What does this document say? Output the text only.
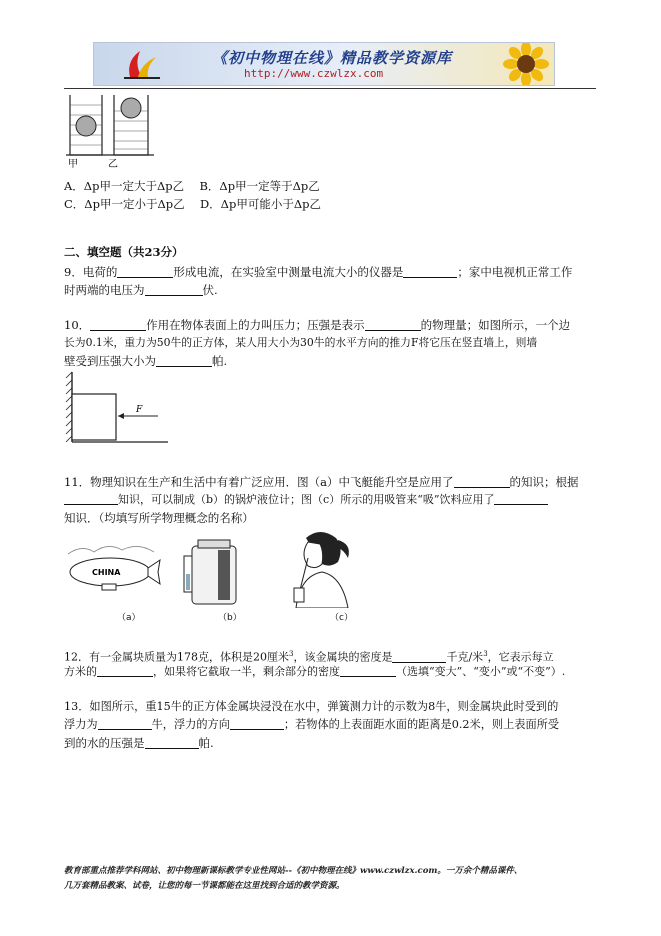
《初中物理在线》精品教学资源库
http://www.czwlzx.com
甲	乙
A．Δp甲一定大于Δp乙 B．Δp甲一定等于Δp乙
C．Δp甲一定小于Δp乙 D．Δp甲可能小于Δp乙
二、填空题（共23分）
9．电荷的	形成电流，在实验室中测量电流大小的仪器是	；家中电视机正常工作
时两端的电压为	伏.
10．	作用在物体表面上的力叫压力；压强是表示	的物理量；如图所示，一个边
长为0.1米，重力为50牛的正方体，某人用大小为30牛的水平方向的推力F将它压在竖直墙上，则墙
壁受到压强大小为	帕.
F
11．物理知识在生产和生活中有着广泛应用．图（a）中飞艇能升空是应用了	的知识；根据
知识，可以制成（b）的锅炉液位计；图（c）所示的用吸管来“吸”饮料应用了
知识．（均填写所学物理概念的名称）
CHINA
（a）	（b）	（c）
12．有一金属块质量为178克，体积是20厘米$^3$，该金属块的密度是	千克/米$^3$，它表示每立
方米的	，如果将它截取一半，剩余部分的密度	（选填“变大”、“变小”或“不变”）.
13．如图所示，重15牛的正方体金属块浸没在水中，弹簧测力计的示数为8牛，则金属块此时受到的
浮力为	牛，浮力的方向	；若物体的上表面距水面的距离是0.2米，则上表面所受
到的水的压强是	帕.
教育部重点推荐学科网站、初中物理新课标教学专业性网站--《初中物理在线》www.czwlzx.com。一万余个精品课件、
几万套精品教案、试卷，让您的每一节课都能在这里找到合适的教学资源。
